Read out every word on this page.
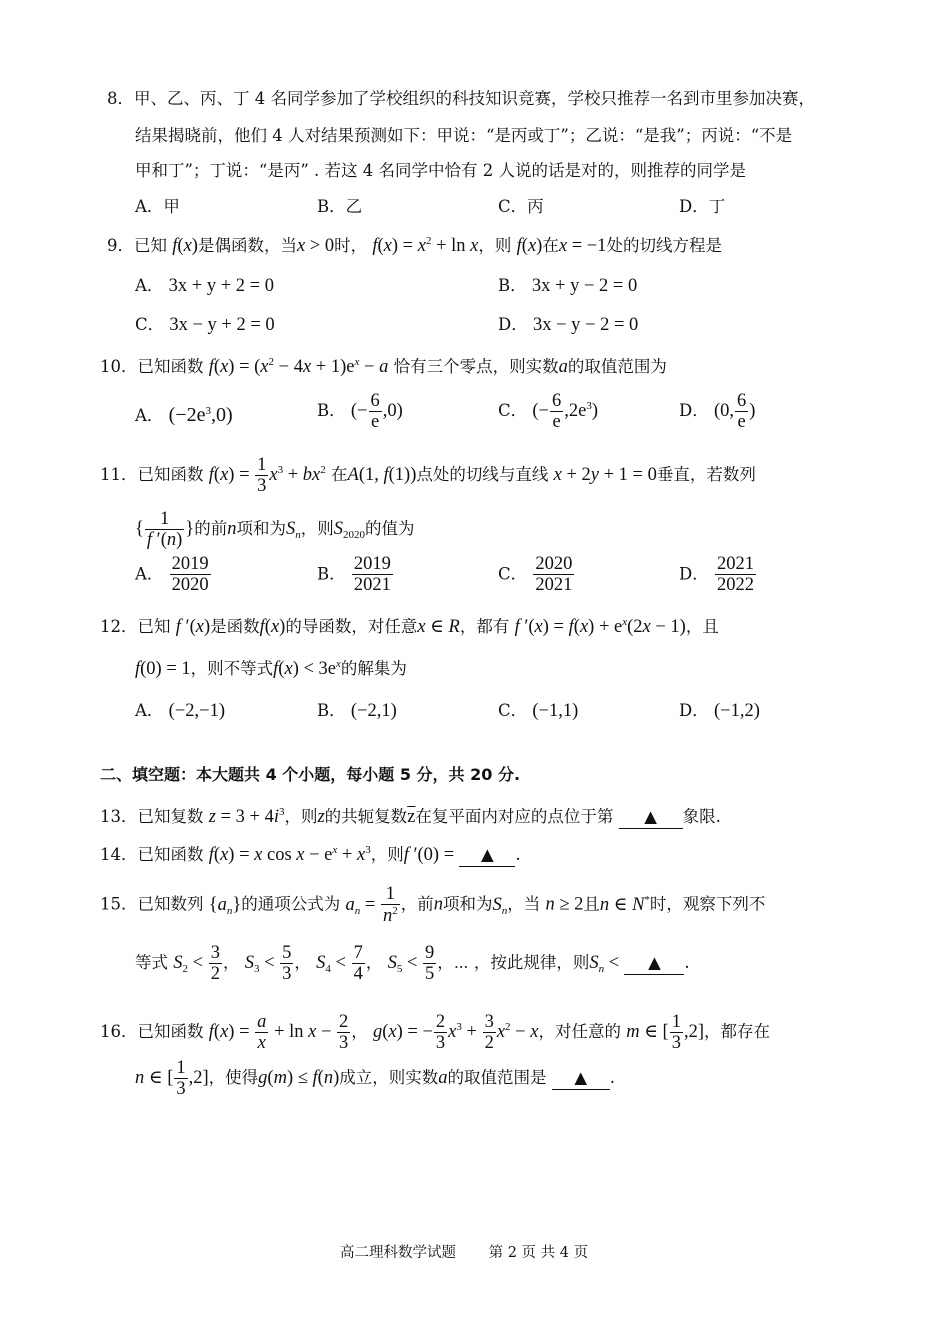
8．甲、乙、丙、丁 4 名同学参加了学校组织的科技知识竞赛，学校只推荐一名到市里参加决赛，
结果揭晓前，他们 4 人对结果预测如下：甲说：“是丙或丁”；乙说：“是我”；丙说：“不是
甲和丁”；丁说：“是丙” . 若这 4 名同学中恰有 2 人说的话是对的，则推荐的同学是
A．甲	B．乙	C．丙	D．丁
9．已知 f(x)是偶函数，当x > 0时， $f(x) = x^2 + \ln x$，则 f(x)在x = −1处的切线方程是
A． 3x + y + 2 = 0	B． 3x + y − 2 = 0
C． 3x − y + 2 = 0	D． 3x − y − 2 = 0
10．已知函数 $f(x) = (x^2 - 4x + 1)e^x - a$ 恰有三个零点，则实数a的取值范围为
A． $(-2e^3,0)$	B． (− $\frac{6}{e} ,0$)	C． (− $\frac{6}{e} ,2e^3$)	D． (0, $\frac{6}{e}$ )
11．已知函数 $f(x) = \frac{1}{3} x^3 + bx^2$ 在A(1, f(1))点处的切线与直线 x + 2y + 1 = 0垂直，若数列
{ $\frac{1}{f '(n)}$ }的前n项和为$S_n$，则$S_{2020}$的值为
A． $\frac{2019}{2020}$	B． $\frac{2019}{2021}$	C． $\frac{2020}{2021}$	D． $\frac{2021}{2022}$
12．已知 f ′(x)是函数f(x)的导函数，对任意x ∈ R，都有 f $'(x) = f(x) + e^x(2x - 1)$，且
f(0) = 1，则不等式$f(x) < 3e^x$的解集为
A． (−2,−1)	B． (−2,1)	C． (−1,1)	D． (−1,2)
二、填空题：本大题共 4 个小题，每小题 5 分，共 20 分.
13．已知复数 $z = 3 + 4i^3$，则z的共轭复数$\overline{z}$在复平面内对应的点位于第 ▲ 象限.
14．已知函数 f(x) = x $\cos x - e^x + x^3$，则f ′(0) = ▲ .
15．已知数列 $\{a_n\}$的通项公式为 $a_n = \frac{1}{n^2}$ ，前n项和为$S_n$，当 n ≥ 2且n ∈ N*时，观察下列不
等式 $S_2 < \frac{3}{2}$ ， $S_3 < \frac{5}{3}$ ， $S_4 < \frac{7}{4}$ ， $S_5 < \frac{9}{5}$ ，⋯ ，按此规律，则$S_n$ < ▲ .
16．已知函数 $f(x) = \frac{a}{x} + \ln x - \frac{2}{3}$ ， g(x) = − $\frac{2}{3} x^3 + \frac{3}{2} x^2 - x$，对任意的 m ∈ [ $\frac{1}{3} ,2$]，都存在
n ∈ [ $\frac{1}{3} ,2$]，使得g(m) ≤ f(n)成立，则实数a的取值范围是 ▲ .
高二理科数学试题 第 2 页 共 4 页
